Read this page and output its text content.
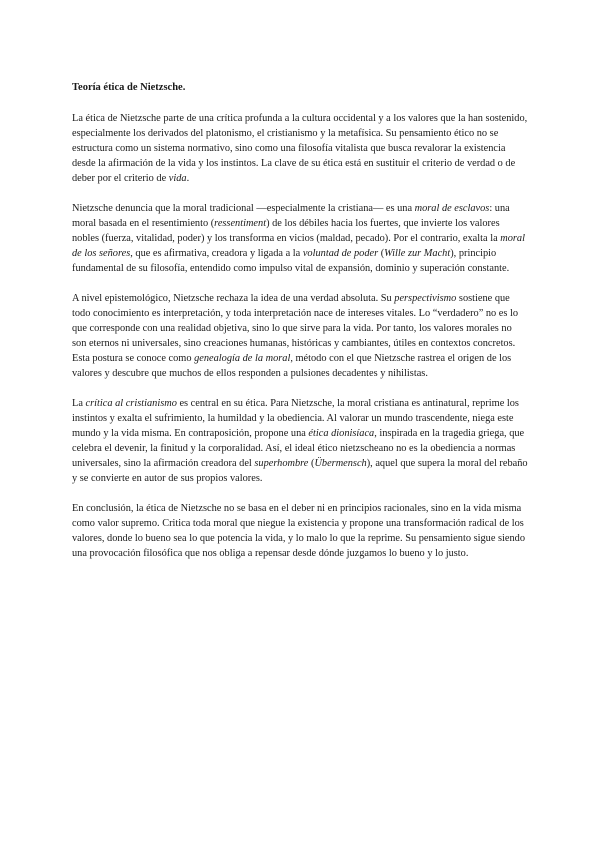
Teoría ética de Nietzsche.

La ética de Nietzsche parte de una crítica profunda a la cultura occidental y a los valores que la han sostenido, especialmente los derivados del platonismo, el cristianismo y la metafísica. Su pensamiento ético no se estructura como un sistema normativo, sino como una filosofía vitalista que busca revalorar la existencia desde la afirmación de la vida y los instintos. La clave de su ética está en sustituir el criterio de verdad o de deber por el criterio de vida.

Nietzsche denuncia que la moral tradicional —especialmente la cristiana— es una moral de esclavos: una moral basada en el resentimiento (ressentiment) de los débiles hacia los fuertes, que invierte los valores nobles (fuerza, vitalidad, poder) y los transforma en vicios (maldad, pecado). Por el contrario, exalta la moral de los señores, que es afirmativa, creadora y ligada a la voluntad de poder (Wille zur Macht), principio fundamental de su filosofía, entendido como impulso vital de expansión, dominio y superación constante.

A nivel epistemológico, Nietzsche rechaza la idea de una verdad absoluta. Su perspectivismo sostiene que todo conocimiento es interpretación, y toda interpretación nace de intereses vitales. Lo “verdadero” no es lo que corresponde con una realidad objetiva, sino lo que sirve para la vida. Por tanto, los valores morales no son eternos ni universales, sino creaciones humanas, históricas y cambiantes, útiles en contextos concretos. Esta postura se conoce como genealogía de la moral, método con el que Nietzsche rastrea el origen de los valores y descubre que muchos de ellos responden a pulsiones decadentes y nihilistas.

La crítica al cristianismo es central en su ética. Para Nietzsche, la moral cristiana es antinatural, reprime los instintos y exalta el sufrimiento, la humildad y la obediencia. Al valorar un mundo trascendente, niega este mundo y la vida misma. En contraposición, propone una ética dionisíaca, inspirada en la tragedia griega, que celebra el devenir, la finitud y la corporalidad. Así, el ideal ético nietzscheano no es la obediencia a normas universales, sino la afirmación creadora del superhombre (Übermensch), aquel que supera la moral del rebaño y se convierte en autor de sus propios valores.

En conclusión, la ética de Nietzsche no se basa en el deber ni en principios racionales, sino en la vida misma como valor supremo. Critica toda moral que niegue la existencia y propone una transformación radical de los valores, donde lo bueno sea lo que potencia la vida, y lo malo lo que la reprime. Su pensamiento sigue siendo una provocación filosófica que nos obliga a repensar desde dónde juzgamos lo bueno y lo justo.
